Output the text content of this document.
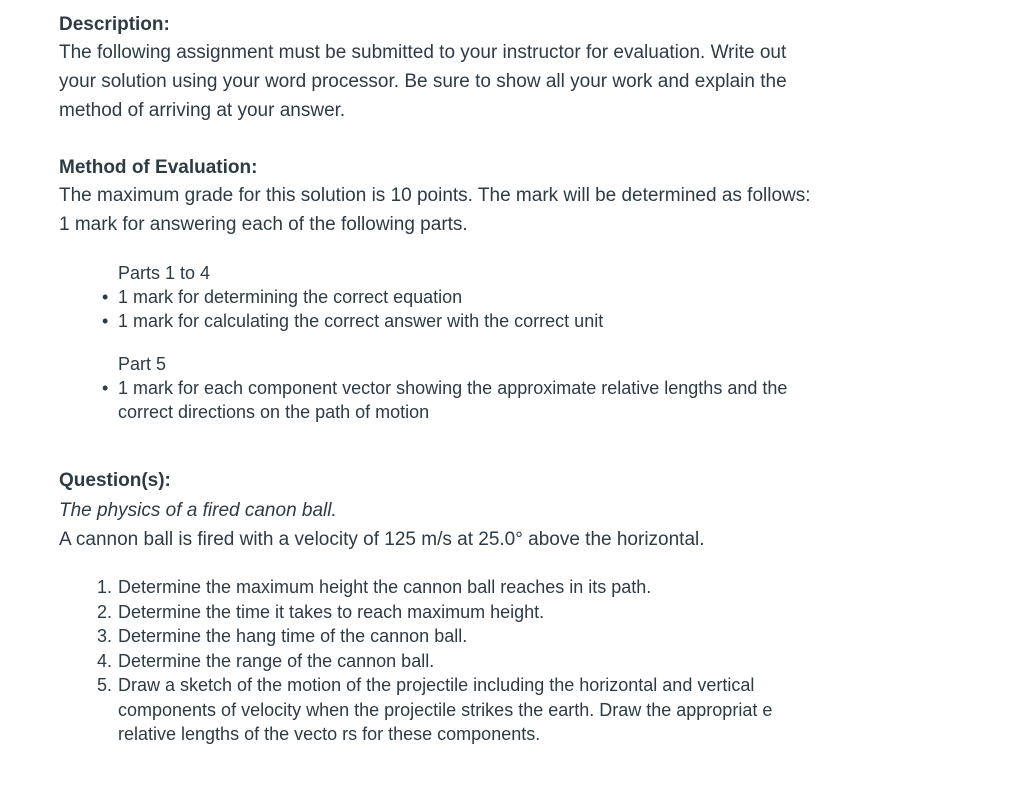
Description:

The following assignment must be submitted to your instructor for evaluation. Write out your solution using your word processor. Be sure to show all your work and explain the method of arriving at your answer.

Method of Evaluation:

The maximum grade for this solution is 10 points. The mark will be determined as follows: 1 mark for answering each of the following parts.

Parts 1 to 4

• 1 mark for determining the correct equation
• 1 mark for calculating the correct answer with the correct unit

Part 5

• 1 mark for each component vector showing the approximate relative lengths and the correct directions on the path of motion
Question(s):

The physics of a fired canon ball.

A cannon ball is fired with a velocity of 125 m/s at 25.0° above the horizontal.

1. Determine the maximum height the cannon ball reaches in its path.
2. Determine the time it takes to reach maximum height.
3. Determine the hang time of the cannon ball.
4. Determine the range of the cannon ball.
5. Draw a sketch of the motion of the projectile including the horizontal and vertical components of velocity when the projectile strikes the earth. Draw the appropriat e relative lengths of the vecto rs for these components.
